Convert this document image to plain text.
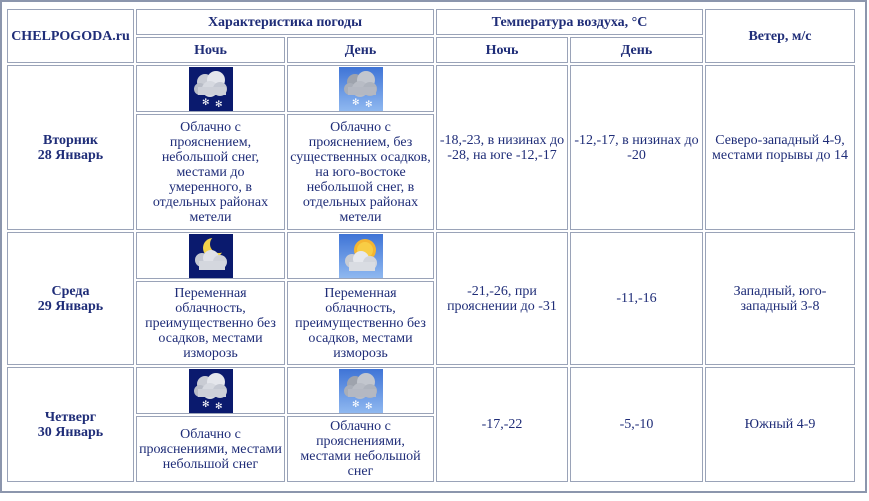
CHELPOGODA.ru	Характеристика погоды		Температура воздуха, °С		Ветер, м/с
	Ночь	День	Ночь	День	
Вторник
28 Январь	✻ ✻	✻ ✻	-18,-23, в низинах до -28, на юге -12,-17	-12,-17, в низинах до -20	Северо-западный 4-9, местами порывы до 14
	Облачно с прояснением, небольшой снег, местами до умеренного, в отдельных районах метели	Облачно с прояснением, без существенных осадков, на юго-востоке небольшой снег, в отдельных районах метели			
Среда
29 Январь			-21,-26, при прояснении до -31	-11,-16	Западный, юго-западный 3-8
	Переменная облачность, преимущественно без осадков, местами изморозь	Переменная облачность, преимущественно без осадков, местами изморозь			
Четверг
30 Январь	✻ ✻	✻ ✻	-17,-22	-5,-10	Южный 4-9
	Облачно с прояснениями, местами небольшой снег	Облачно с прояснениями, местами небольшой снег			
